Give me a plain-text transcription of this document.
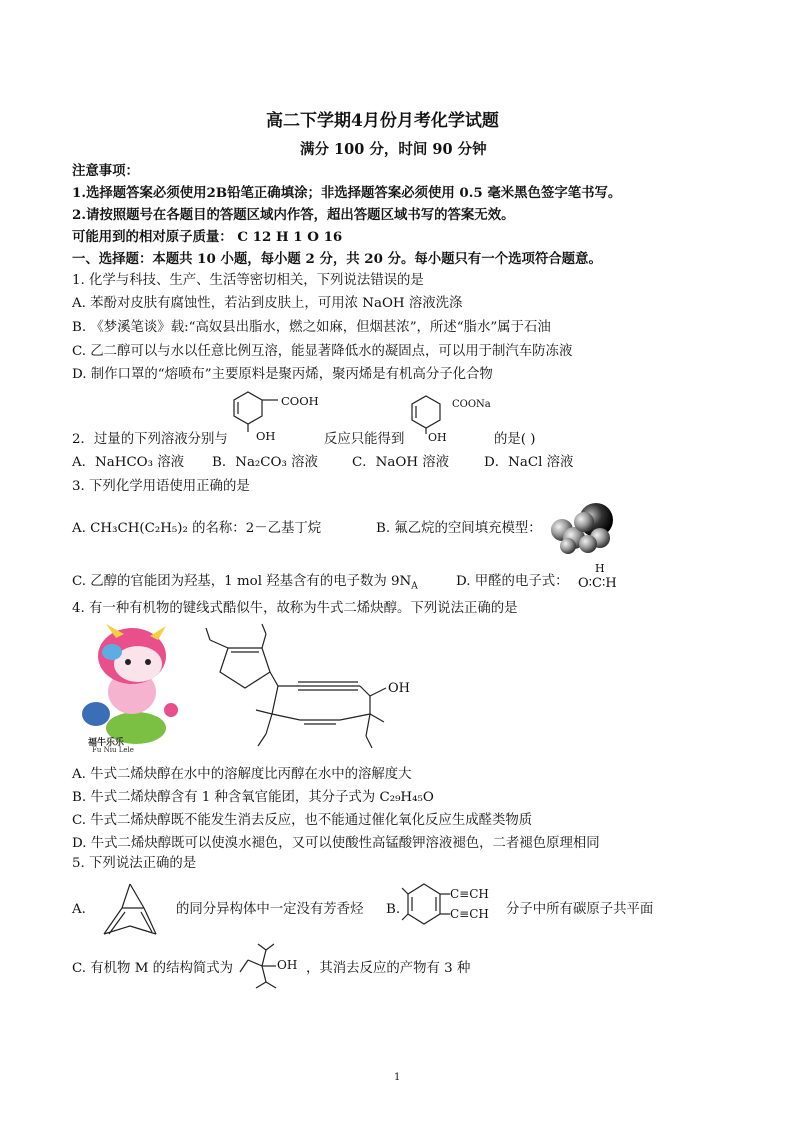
高二下学期4月份月考化学试题
满分 100 分，时间 90 分钟
注意事项：
1.选择题答案必须使用2B铅笔正确填涂；非选择题答案必须使用 0.5 毫米黑色签字笔书写。
2.请按照题号在各题目的答题区域内作答，超出答题区域书写的答案无效。
可能用到的相对原子质量： C 12 H 1 O 16
一、选择题：本题共 10 小题，每小题 2 分，共 20 分。每小题只有一个选项符合题意。
1. 化学与科技、生产、生活等密切相关，下列说法错误的是
A. 苯酚对皮肤有腐蚀性，若沾到皮肤上，可用浓 NaOH 溶液洗涤
B. 《梦溪笔谈》载:“高奴县出脂水，燃之如麻，但烟甚浓”，所述“脂水”属于石油
C. 乙二醇可以与水以任意比例互溶，能显著降低水的凝固点，可以用于制汽车防冻液
D. 制作口罩的“熔喷布”主要原料是聚丙烯，聚丙烯是有机高分子化合物
COOH
OH
COONa
OH
2．过量的下列溶液分别与	反应只能得到	的是( )
A．NaHCO₃ 溶液 B．Na₂CO₃ 溶液	C．NaOH 溶液	D．NaCl 溶液
3. 下列化学用语使用正确的是
A. CH₃CH(C₂H₅)₂ 的名称：2－乙基丁烷	B. 氟乙烷的空间填充模型：
C. 乙醇的官能团为羟基，1 mol 羟基含有的电子数为 $9N_A$	D. 甲醛的电子式：
H
O∶C∶H
4. 有一种有机物的键线式酷似牛，故称为牛式二烯炔醇。下列说法正确的是
福牛乐乐
Fu Niu Lele
OH
A. 牛式二烯炔醇在水中的溶解度比丙醇在水中的溶解度大
B. 牛式二烯炔醇含有 1 种含氧官能团，其分子式为 C₂₉H₄₅O
C. 牛式二烯炔醇既不能发生消去反应，也不能通过催化氧化反应生成醛类物质
D. 牛式二烯炔醇既可以使溴水褪色，又可以使酸性高锰酸钾溶液褪色，二者褪色原理相同
5. 下列说法正确的是
A.	的同分异构体中一定没有芳香烃 B.
C≡CH
C≡CH 分子中所有碳原子共平面
C. 有机物 M 的结构简式为	OH ，其消去反应的产物有 3 种
1
